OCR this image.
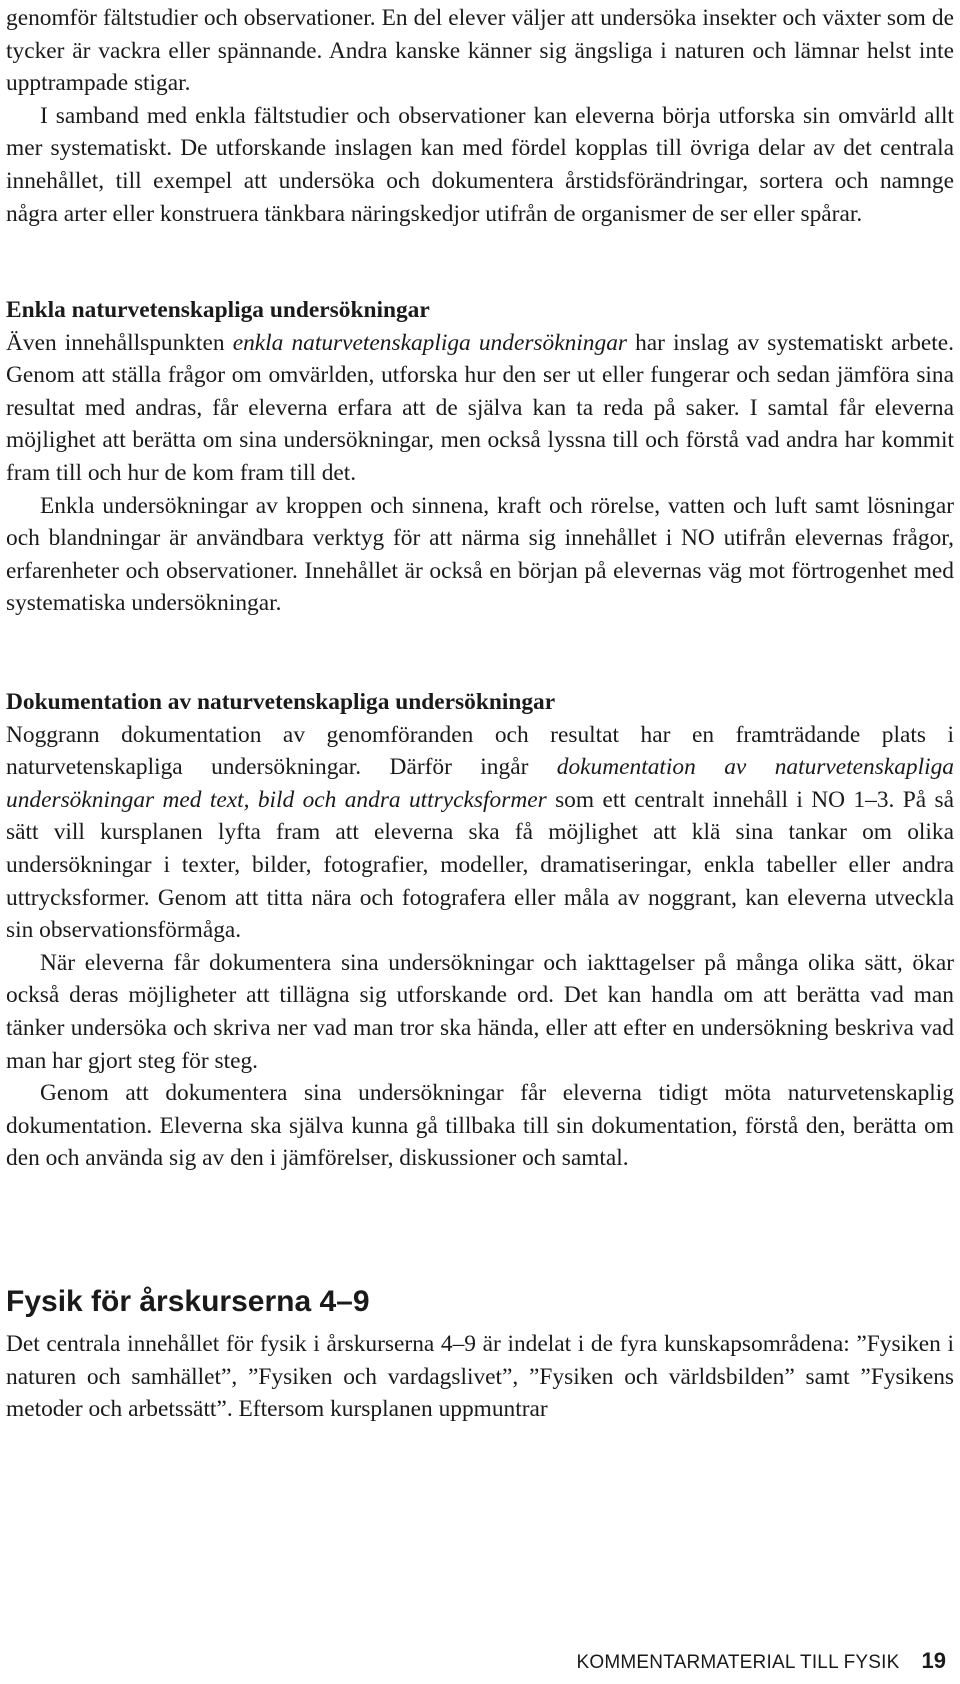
genomför fältstudier och observationer. En del elever väljer att undersöka insekter och växter som de tycker är vackra eller spännande. Andra kanske känner sig ängsliga i naturen och lämnar helst inte upptrampade stigar.

I samband med enkla fältstudier och observationer kan eleverna börja utforska sin omvärld allt mer systematiskt. De utforskande inslagen kan med fördel kopplas till övriga delar av det centrala innehållet, till exempel att undersöka och dokumentera årstidsförändringar, sortera och namnge några arter eller konstruera tänkbara näringskedjor utifrån de organismer de ser eller spårar.

Enkla naturvetenskapliga undersökningar

Även innehållspunkten enkla naturvetenskapliga undersökningar har inslag av systematiskt arbete. Genom att ställa frågor om omvärlden, utforska hur den ser ut eller fungerar och sedan jämföra sina resultat med andras, får eleverna erfara att de själva kan ta reda på saker. I samtal får eleverna möjlighet att berätta om sina undersökningar, men också lyssna till och förstå vad andra har kommit fram till och hur de kom fram till det.

Enkla undersökningar av kroppen och sinnena, kraft och rörelse, vatten och luft samt lösningar och blandningar är användbara verktyg för att närma sig innehållet i NO utifrån elevernas frågor, erfarenheter och observationer. Innehållet är också en början på elevernas väg mot förtrogenhet med systematiska undersökningar.

Dokumentation av naturvetenskapliga undersökningar

Noggrann dokumentation av genomföranden och resultat har en framträdande plats i naturvetenskapliga undersökningar. Därför ingår dokumentation av naturvetenskapliga undersökningar med text, bild och andra uttrycksformer som ett centralt innehåll i NO 1–3. På så sätt vill kursplanen lyfta fram att eleverna ska få möjlighet att klä sina tankar om olika undersökningar i texter, bilder, fotografier, modeller, dramatiseringar, enkla tabeller eller andra uttrycksformer. Genom att titta nära och fotografera eller måla av noggrant, kan eleverna utveckla sin observationsförmåga.

När eleverna får dokumentera sina undersökningar och iakttagelser på många olika sätt, ökar också deras möjligheter att tillägna sig utforskande ord. Det kan handla om att berätta vad man tänker undersöka och skriva ner vad man tror ska hända, eller att efter en undersökning beskriva vad man har gjort steg för steg.

Genom att dokumentera sina undersökningar får eleverna tidigt möta naturvetenskaplig dokumentation. Eleverna ska själva kunna gå tillbaka till sin dokumentation, förstå den, berätta om den och använda sig av den i jämförelser, diskussioner och samtal.

Fysik för årskurserna 4–9

Det centrala innehållet för fysik i årskurserna 4–9 är indelat i de fyra kunskapsområdena: ”Fysiken i naturen och samhället”, ”Fysiken och vardagslivet”, ”Fysiken och världsbilden” samt ”Fysikens metoder och arbetssätt”. Eftersom kursplanen uppmuntrar

KOMMENTARMATERIAL TILL FYSIK 19
